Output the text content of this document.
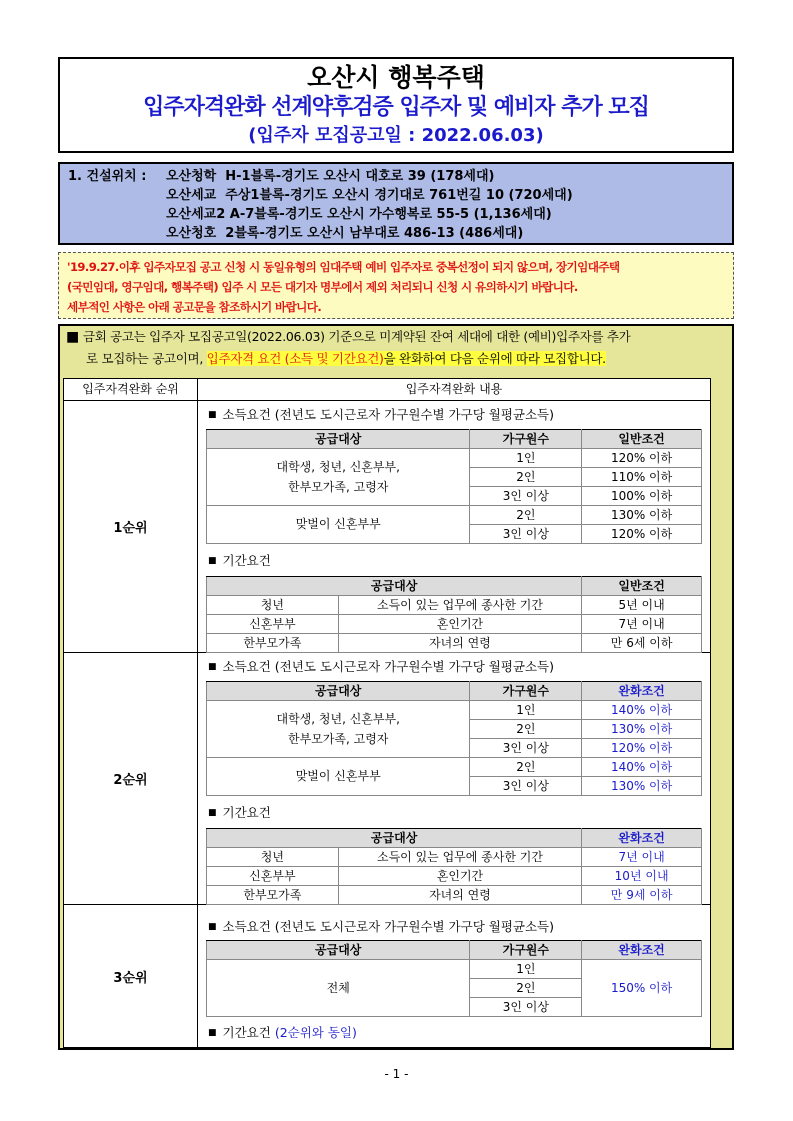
오산시 행복주택
입주자격완화 선계약후검증 입주자 및 예비자 추가 모집
(입주자 모집공고일 : 2022.06.03)
1. 건설위치 : 오산청학  H-1블록-경기도 오산시 대호로 39 (178세대)
오산세교  주상1블록-경기도 오산시 경기대로 761번길 10 (720세대)
오산세교2 A-7블록-경기도 오산시 가수행복로 55-5 (1,136세대)
오산청호  2블록-경기도 오산시 남부대로 486-13 (486세대)
'19.9.27.이후 입주자모집 공고 신청 시 동일유형의 임대주택 예비 입주자로 중복선정이 되지 않으며, 장기임대주택
(국민임대, 영구임대, 행복주택) 입주 시 모든 대기자 명부에서 제외 처리되니 신청 시 유의하시기 바랍니다.
세부적인 사항은 아래 공고문을 참조하시기 바랍니다.
■ 금회 공고는 입주자 모집공고일(2022.06.03) 기준으로 미계약된 잔여 세대에 대한 (예비)입주자를 추가
로 모집하는 공고이며, 입주자격 요건 (소득 및 기간요건)을 완화하여 다음 순위에 따라 모집합니다.
입주자격완화 순위	입주자격완화 내용
1순위
■ 소득요건 (전년도 도시근로자 가구원수별 가구당 월평균소득)
공급대상	가구원수	일반조건

대학생, 청년, 신혼부부,
한부모가족, 고령자	1인	120% 이하
	2인	110% 이하
	3인 이상	100% 이하
맞벌이 신혼부부	2인	130% 이하
	3인 이상	120% 이하
■ 기간요건
공급대상		일반조건
청년	소득이 있는 업무에 종사한 기간	5년 이내
신혼부부	혼인기간	7년 이내
한부모가족	자녀의 연령	만 6세 이하
2순위
■ 소득요건 (전년도 도시근로자 가구원수별 가구당 월평균소득)
공급대상	가구원수	완화조건

대학생, 청년, 신혼부부,
한부모가족, 고령자	1인	140% 이하
	2인	130% 이하
	3인 이상	120% 이하
맞벌이 신혼부부	2인	140% 이하
	3인 이상	130% 이하
■ 기간요건
공급대상		완화조건
청년	소득이 있는 업무에 종사한 기간	7년 이내
신혼부부	혼인기간	10년 이내
한부모가족	자녀의 연령	만 9세 이하
3순위
■ 소득요건 (전년도 도시근로자 가구원수별 가구당 월평균소득)
공급대상	가구원수	완화조건
전체	1인	150% 이하
	2인	
	3인 이상	
■ 기간요건 (2순위와 동일)
- 1 -
